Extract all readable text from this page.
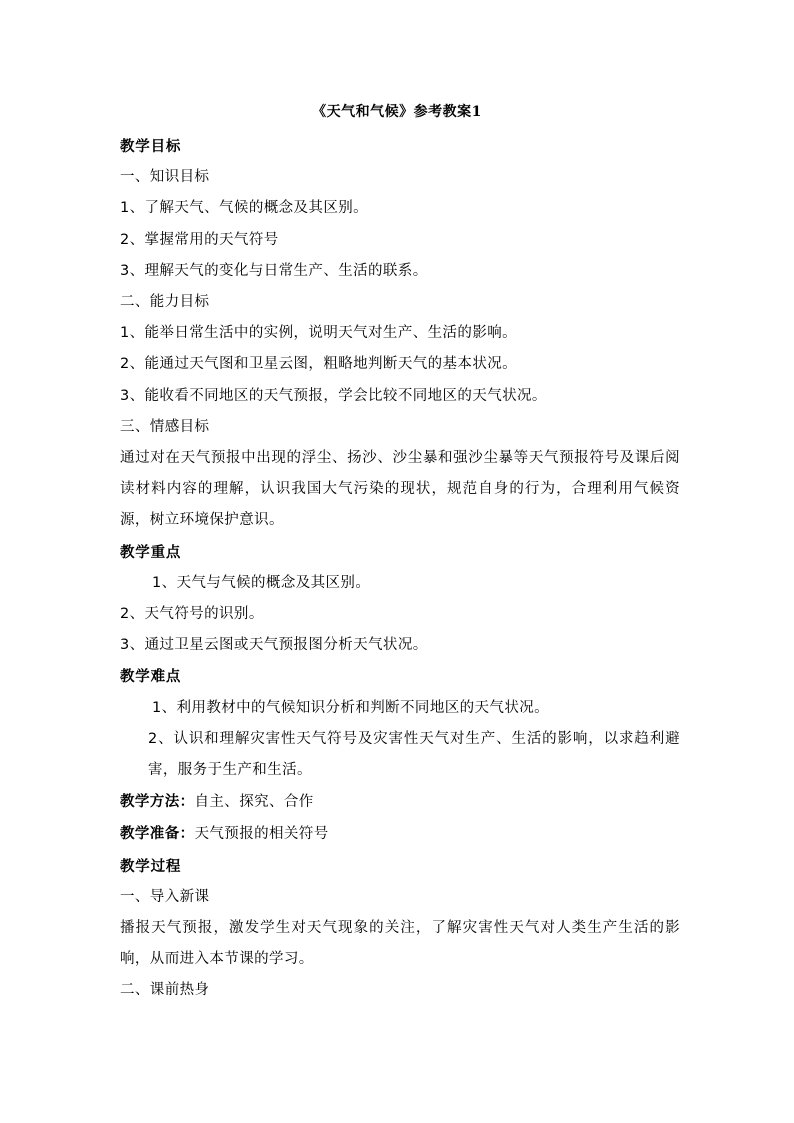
《天气和气候》参考教案1

教学目标

一、知识目标

1、了解天气、气候的概念及其区别。

2、掌握常用的天气符号

3、理解天气的变化与日常生产、生活的联系。

二、能力目标

1、能举日常生活中的实例，说明天气对生产、生活的影响。

2、能通过天气图和卫星云图，粗略地判断天气的基本状况。

3、能收看不同地区的天气预报，学会比较不同地区的天气状况。

三、情感目标

通过对在天气预报中出现的浮尘、扬沙、沙尘暴和强沙尘暴等天气预报符号及课后阅读材料内容的理解，认识我国大气污染的现状，规范自身的行为，合理利用气候资源，树立环境保护意识。

教学重点

1、天气与气候的概念及其区别。

2、天气符号的识别。

3、通过卫星云图或天气预报图分析天气状况。

教学难点

1、利用教材中的气候知识分析和判断不同地区的天气状况。

2、认识和理解灾害性天气符号及灾害性天气对生产、生活的影响，以求趋利避害，服务于生产和生活。

教学方法：自主、探究、合作

教学准备：天气预报的相关符号

教学过程

一、导入新课

播报天气预报，激发学生对天气现象的关注，了解灾害性天气对人类生产生活的影响，从而进入本节课的学习。

二、课前热身
